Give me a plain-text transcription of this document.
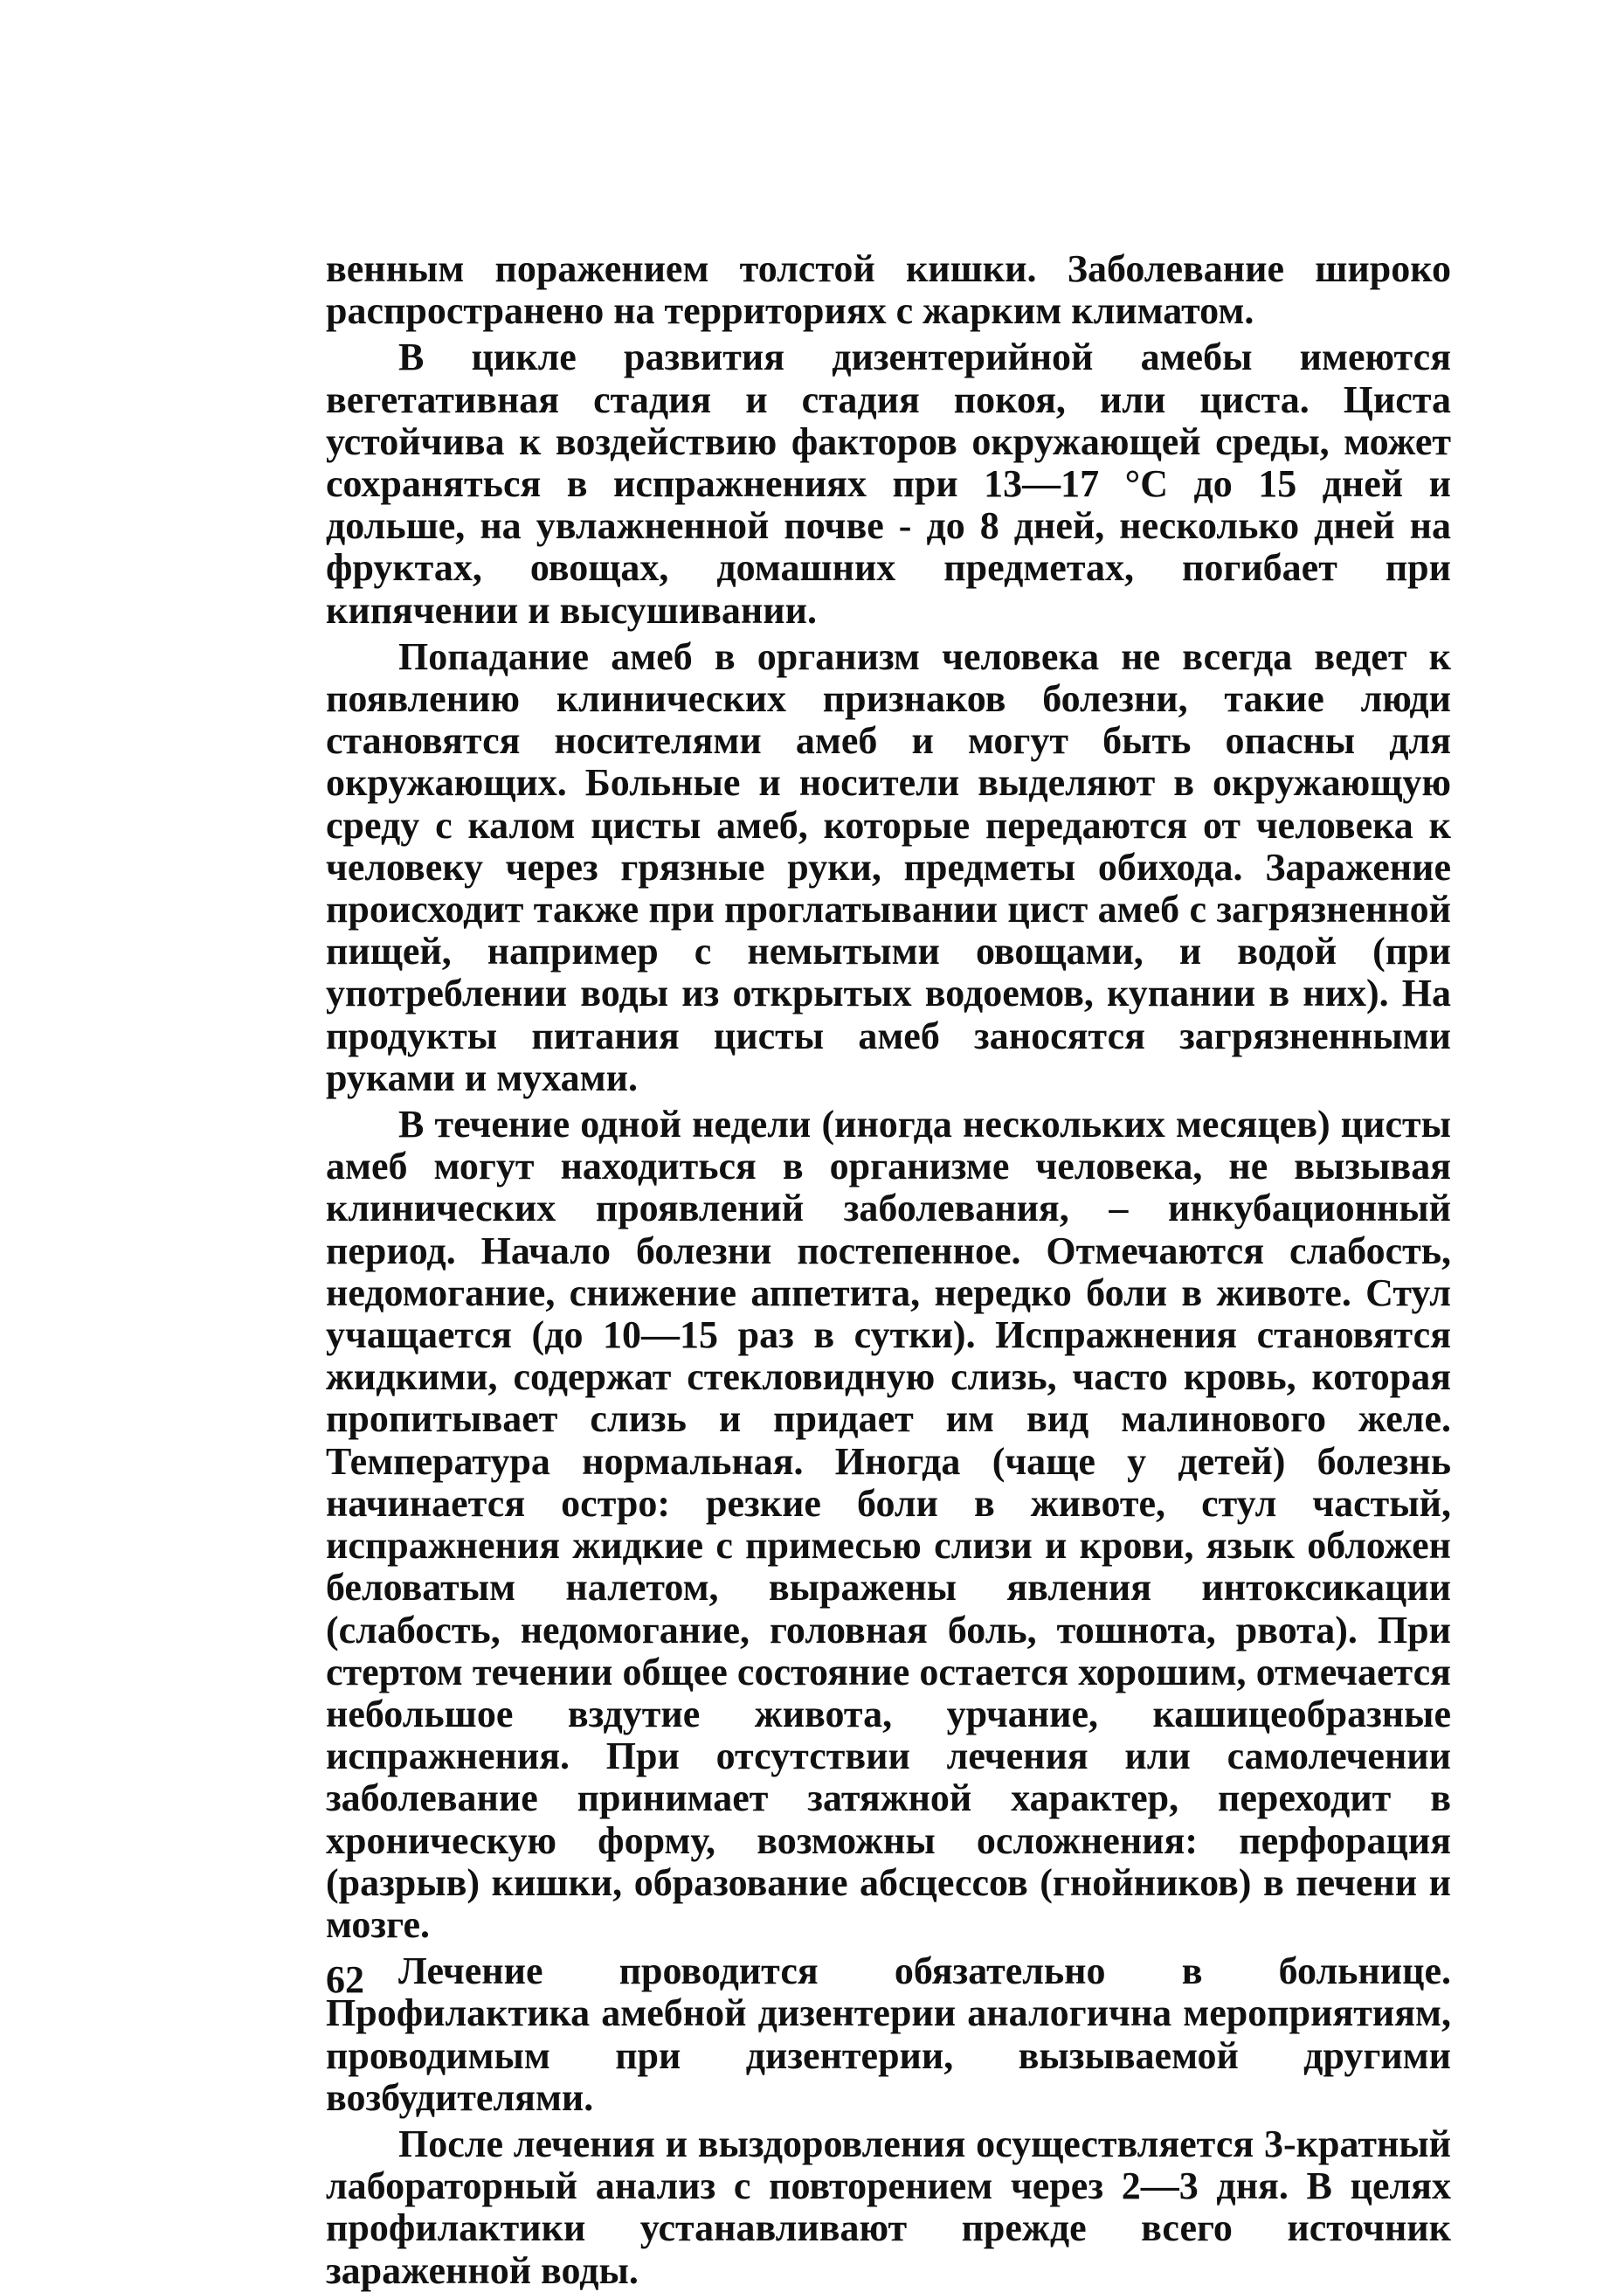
венным поражением толстой кишки. Заболевание широко распространено на территориях с жарким климатом.

В цикле развития дизентерийной амебы имеются вегетативная стадия и стадия покоя, или циста. Циста устойчива к воздействию факторов окружающей среды, может сохраняться в испражнениях при 13—17 °С до 15 дней и дольше, на увлажненной почве - до 8 дней, несколько дней на фруктах, овощах, домашних предметах, погибает при кипячении и высушивании.

Попадание амеб в организм человека не всегда ведет к появлению клинических признаков болезни, такие люди становятся носителями амеб и могут быть опасны для окружающих. Больные и носители выделяют в окружающую среду с калом цисты амеб, которые передаются от человека к человеку через грязные руки, предметы обихода. Заражение происходит также при проглатывании цист амеб с загрязненной пищей, например с немытыми овощами, и водой (при употреблении воды из открытых водоемов, купании в них). На продукты питания цисты амеб заносятся загрязненными руками и мухами.

В течение одной недели (иногда нескольких месяцев) цисты амеб могут находиться в организме человека, не вызывая клинических проявлений заболевания, – инкубационный период. Начало болезни постепенное. Отмечаются слабость, недомогание, снижение аппетита, нередко боли в животе. Стул учащается (до 10—15 раз в сутки). Испражнения становятся жидкими, содержат стекловидную слизь, часто кровь, которая пропитывает слизь и придает им вид малинового желе. Температура нормальная. Иногда (чаще у детей) болезнь начинается остро: резкие боли в животе, стул частый, испражнения жидкие с примесью слизи и крови, язык обложен беловатым налетом, выражены явления интоксикации (слабость, недомогание, головная боль, тошнота, рвота). При стертом течении общее состояние остается хорошим, отмечается небольшое вздутие живота, урчание, кашицеобразные испражнения. При отсутствии лечения или самолечении заболевание принимает затяжной характер, переходит в хроническую форму, возможны осложнения: перфорация (разрыв) кишки, образование абсцессов (гнойников) в печени и мозге.

Лечение проводится обязательно в больнице. Профилактика амебной дизентерии аналогична мероприятиям, проводимым при дизентерии, вызываемой другими возбудителями.

После лечения и выздоровления осуществляется 3-кратный лабораторный анализ с повторением через 2—3 дня. В целях профилактики устанавливают прежде всего источник зараженной воды.

62
